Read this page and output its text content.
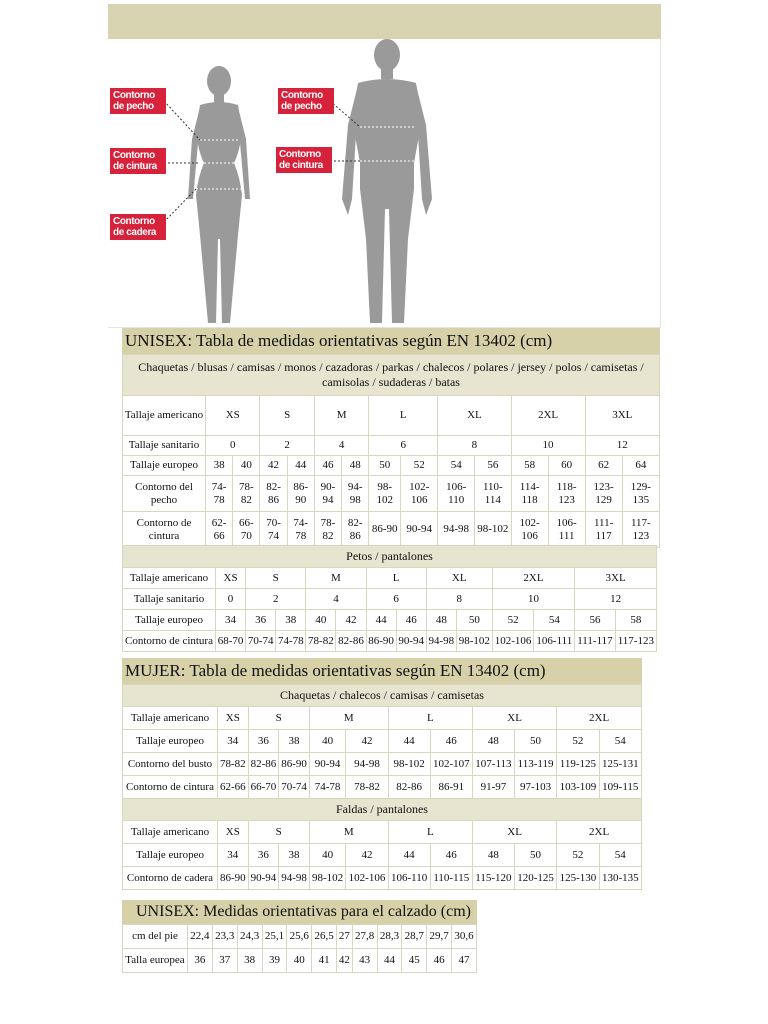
Contorno de pecho
Contorno de cintura
Contorno de cadera
Contorno de pecho
Contorno de cintura
UNISEX: Tabla de medidas orientativas según EN 13402 (cm)
Chaquetas / blusas / camisas / monos / cazadoras / parkas / chalecos / polares / jersey / polos / camisetas / camisolas / sudaderas / batas														
Tallaje americano	XS		S		M		L		XL		2XL		3XL	
Tallaje sanitario	0		2		4		6		8		10		12	
Tallaje europeo	38	40	42	44	46	48	50	52	54	56	58	60	62	64
Contorno del pecho	74-78	78-82	82-86	86-90	90-94	94-98	98-102	102-106	106-110	110-114	114-118	118-123	123-129	129-135
Contorno de cintura	62-66	66-70	70-74	74-78	78-82	82-86	86-90	90-94	94-98	98-102	102-106	106-111	111-117	117-123
Petos / pantalones													
Tallaje americano	XS	S		M		L		XL		2XL		3XL	
Tallaje sanitario	0	2		4		6		8		10		12	
Tallaje europeo	34	36	38	40	42	44	46	48	50	52	54	56	58
Contorno de cintura	68-70	70-74	74-78	78-82	82-86	86-90	90-94	94-98	98-102	102-106	106-111	111-117	117-123
MUJER: Tabla de medidas orientativas según EN 13402 (cm)
Chaquetas / chalecos / camisas / camisetas											
Tallaje americano	XS	S		M		L		XL		2XL	
Tallaje europeo	34	36	38	40	42	44	46	48	50	52	54
Contorno del busto	78-82	82-86	86-90	90-94	94-98	98-102	102-107	107-113	113-119	119-125	125-131
Contorno de cintura	62-66	66-70	70-74	74-78	78-82	82-86	86-91	91-97	97-103	103-109	109-115
Faldas / pantalones											
Tallaje americano	XS	S		M		L		XL		2XL	
Tallaje europeo	34	36	38	40	42	44	46	48	50	52	54
Contorno de cadera	86-90	90-94	94-98	98-102	102-106	106-110	110-115	115-120	120-125	125-130	130-135
UNISEX: Medidas orientativas para el calzado (cm)
cm del pie	22,4	23,3	24,3	25,1	25,6	26,5	27	27,8	28,3	28,7	29,7	30,6
Talla europea	36	37	38	39	40	41	42	43	44	45	46	47
